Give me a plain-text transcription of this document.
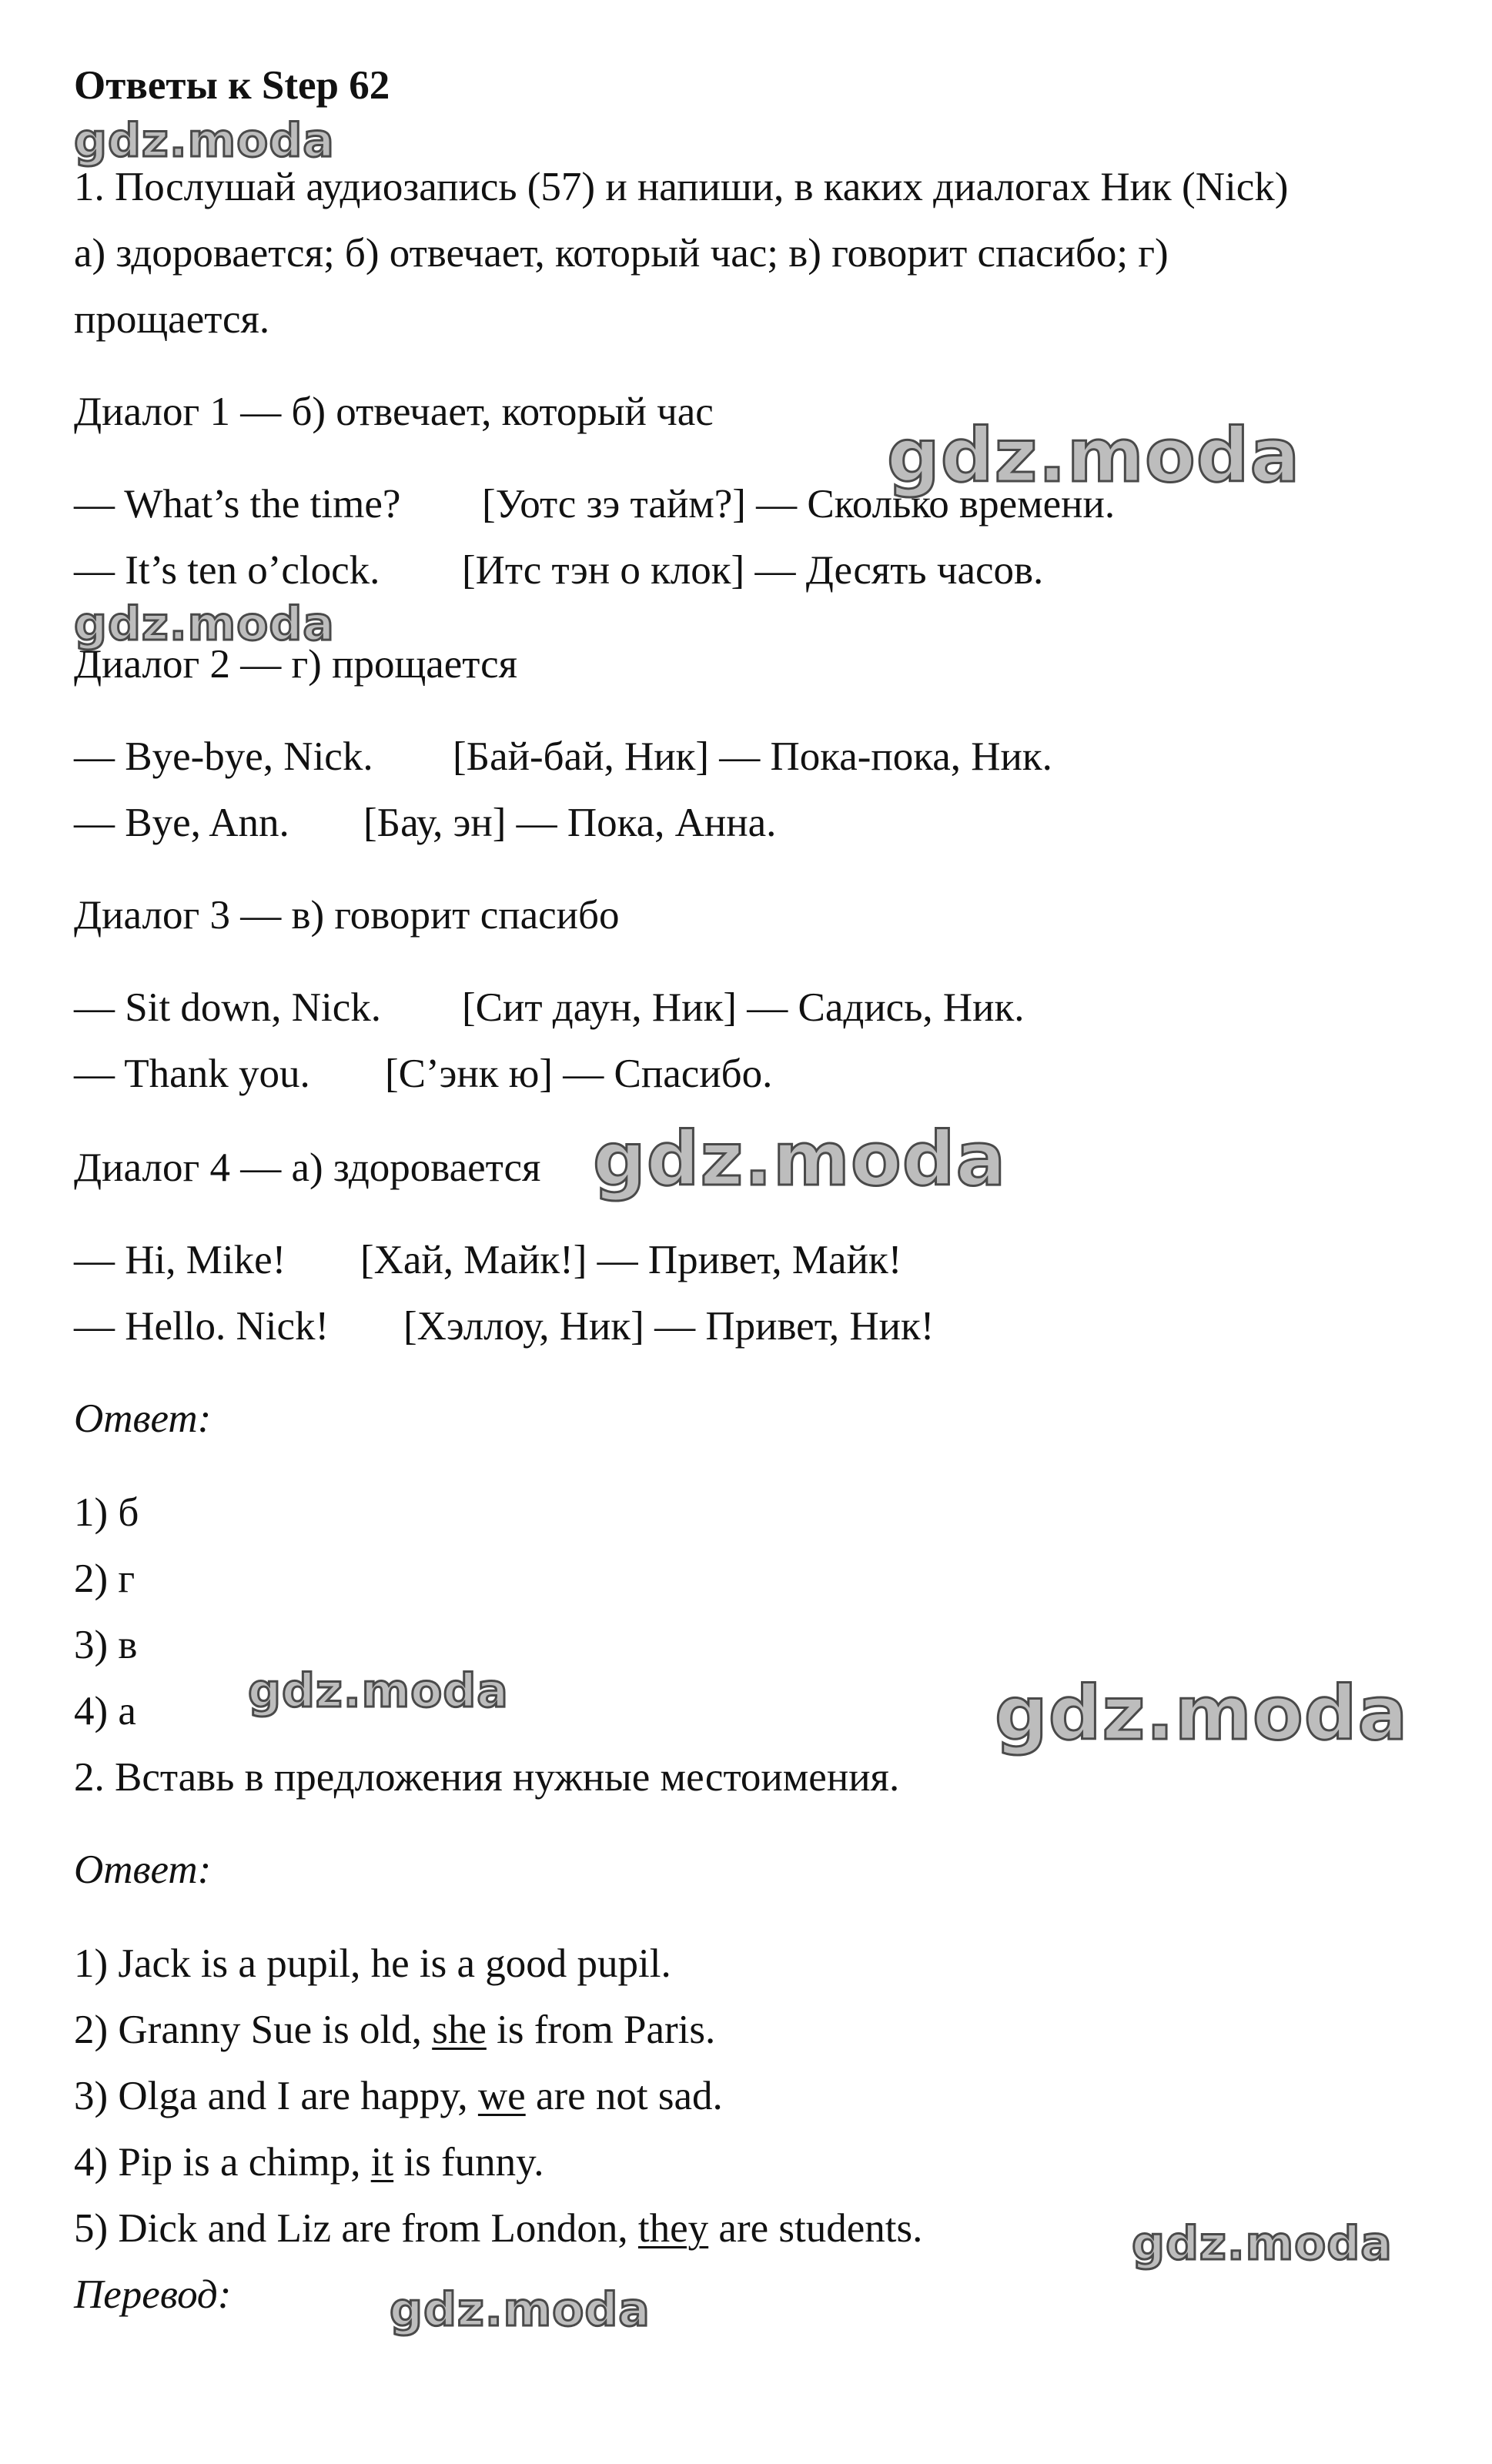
Ответы к Step 62

1. Послушай аудиозапись (57) и напиши, в каких диалогах Ник (Nick)

а) здоровается; б) отвечает, который час; в) говорит спасибо; г)

прощается.

Диалог 1 — б) отвечает, который час

— What’s the time? [Уотс зэ тайм?] — Сколько времени.

— It’s ten o’clock. [Итс тэн о клок] — Десять часов.

Диалог 2 — г) прощается

— Bye-bye, Nick. [Бай-бай, Ник] — Пока-пока, Ник.

— Bye, Ann. [Бау, эн] — Пока, Анна.

Диалог 3 — в) говорит спасибо

— Sit down, Nick. [Сит даун, Ник] — Садись, Ник.

— Thank you. [С’энк ю] — Спасибо.

Диалог 4 — а) здоровается

— Hi, Mike! [Хай, Майк!] — Привет, Майк!

— Hello. Nick! [Хэллоу, Ник] — Привет, Ник!

Ответ:

1) б

2) г

3) в

4) а

2. Вставь в предложения нужные местоимения.

Ответ:

1) Jack is a pupil, he is a good pupil.

2) Granny Sue is old, she is from Paris.

3) Olga and I are happy, we are not sad.

4) Pip is a chimp, it is funny.

5) Dick and Liz are from London, they are students.

Перевод:

gdz.moda
gdz.moda
gdz.moda
gdz.moda
gdz.moda	gdz.moda
gdz.moda
gdz.moda
